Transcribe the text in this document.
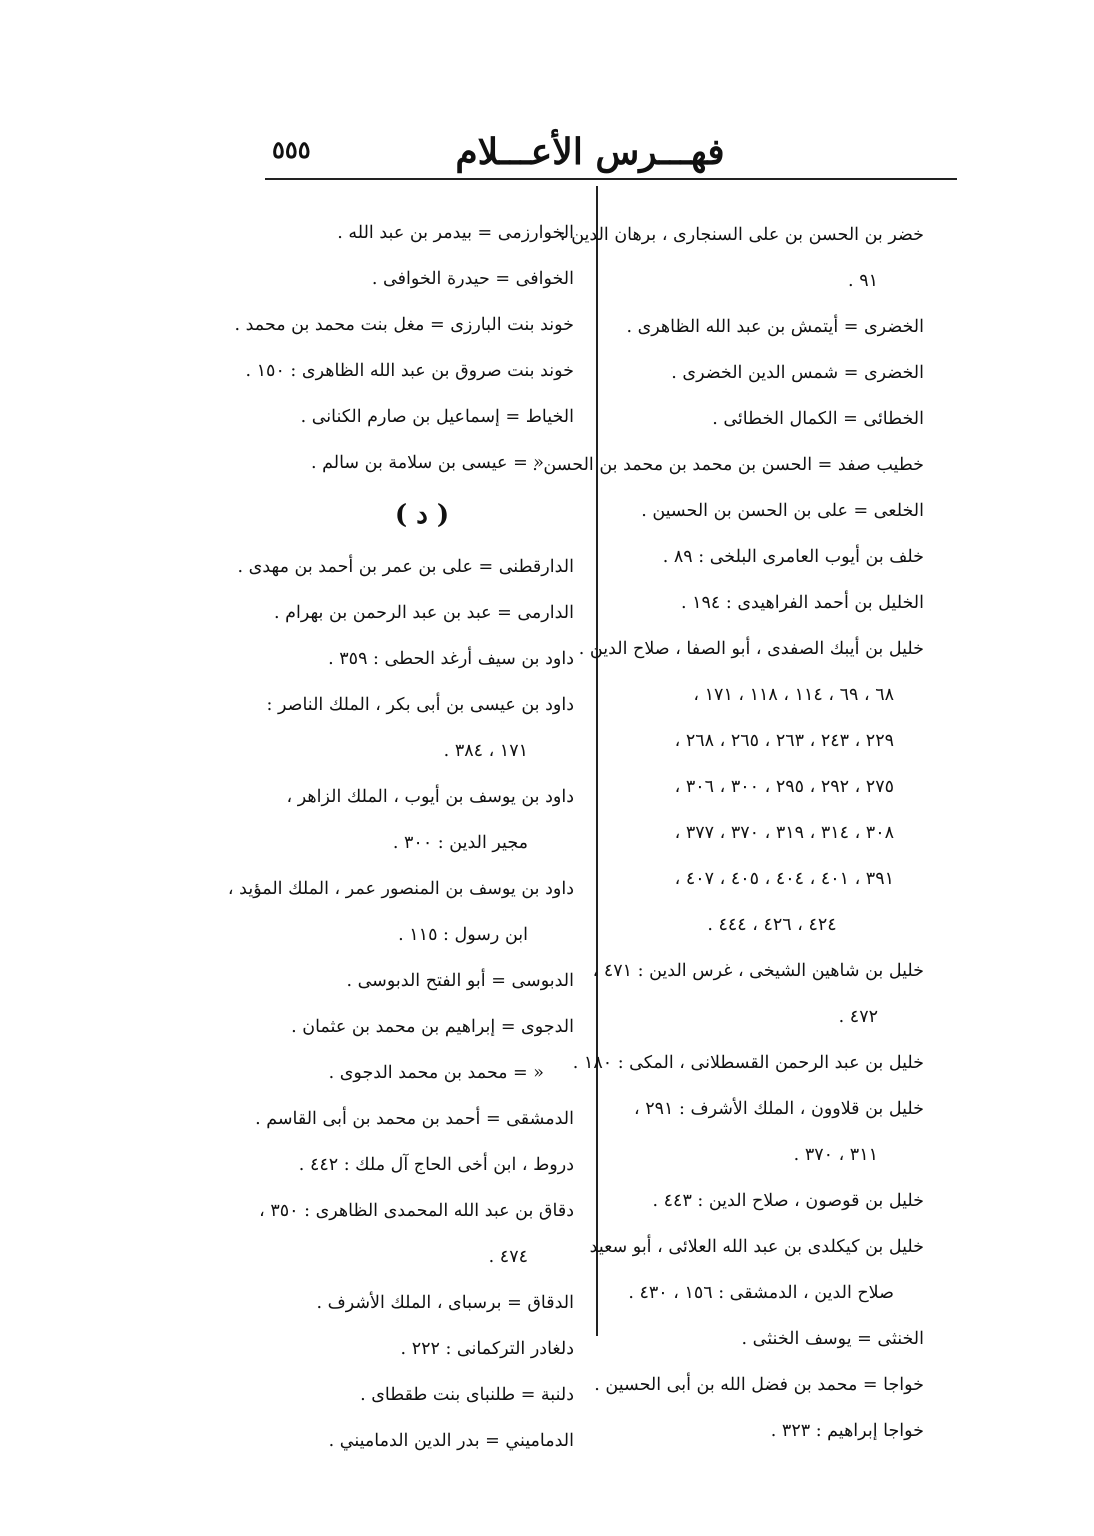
فهـــرس الأعـــلام
٥٥٥
خضر بن الحسن بن على السنجارى ، برهان الدين :
٩١ .
الخضرى = أيتمش بن عبد الله الظاهرى .
الخضرى = شمس الدين الخضرى .
الخطائى = الكمال الخطائى .
خطيب صفد = الحسن بن محمد بن محمد بن الحسن .
الخلعى = على بن الحسن بن الحسين .
خلف بن أيوب العامرى البلخى : ٨٩ .
الخليل بن أحمد الفراهيدى : ١٩٤ .
خليل بن أيبك الصفدى ، أبو الصفا ، صلاح الدين .
٦٨ ، ٦٩ ، ١١٤ ، ١١٨ ، ١٧١ ،
٢٢٩ ، ٢٤٣ ، ٢٦٣ ، ٢٦٥ ، ٢٦٨ ،
٢٧٥ ، ٢٩٢ ، ٢٩٥ ، ٣٠٠ ، ٣٠٦ ،
٣٠٨ ، ٣١٤ ، ٣١٩ ، ٣٧٠ ، ٣٧٧ ،
٣٩١ ، ٤٠١ ، ٤٠٤ ، ٤٠٥ ، ٤٠٧ ،
٤٢٤ ، ٤٢٦ ، ٤٤٤ .
خليل بن شاهين الشيخى ، غرس الدين : ٤٧١ ،
٤٧٢ .
خليل بن عبد الرحمن القسطلانى ، المكى : ١٨٠ .
خليل بن قلاوون ، الملك الأشرف : ٢٩١ ،
٣١١ ، ٣٧٠ .
خليل بن قوصون ، صلاح الدين : ٤٤٣ .
خليل بن كيكلدى بن عبد الله العلائى ، أبو سعيد
صلاح الدين ، الدمشقى : ١٥٦ ، ٤٣٠ .
الخنثى = يوسف الخنثى .
خواجا = محمد بن فضل الله بن أبى الحسين .
خواجا إبراهيم : ٣٢٣ .
الخوارزمى = بيدمر بن عبد الله .
الخوافى = حيدرة الخوافى .
خوند بنت البارزى = مغل بنت محمد بن محمد .
خوند بنت صروق بن عبد الله الظاهرى : ١٥٠ .
الخياط = إسماعيل بن صارم الكنانى .
« = عيسى بن سلامة بن سالم .
( د )
الدارقطنى = على بن عمر بن أحمد بن مهدى .
الدارمى = عبد بن عبد الرحمن بن بهرام .
داود بن سيف أرغد الحطى : ٣٥٩ .
داود بن عيسى بن أبى بكر ، الملك الناصر :
١٧١ ، ٣٨٤ .
داود بن يوسف بن أيوب ، الملك الزاهر ،
مجير الدين : ٣٠٠ .
داود بن يوسف بن المنصور عمر ، الملك المؤيد ،
ابن رسول : ١١٥ .
الدبوسى = أبو الفتح الدبوسى .
الدجوى = إبراهيم بن محمد بن عثمان .
« = محمد بن محمد الدجوى .
الدمشقى = أحمد بن محمد بن أبى القاسم .
دروط ، ابن أخى الحاج آل ملك : ٤٤٢ .
دقاق بن عبد الله المحمدى الظاهرى : ٣٥٠ ،
٤٧٤ .
الدقاق = برسباى ، الملك الأشرف .
دلغادر التركمانى : ٢٢٢ .
دلنبة = طلنباى بنت طقطاى .
الدماميني = بدر الدين الدماميني .
